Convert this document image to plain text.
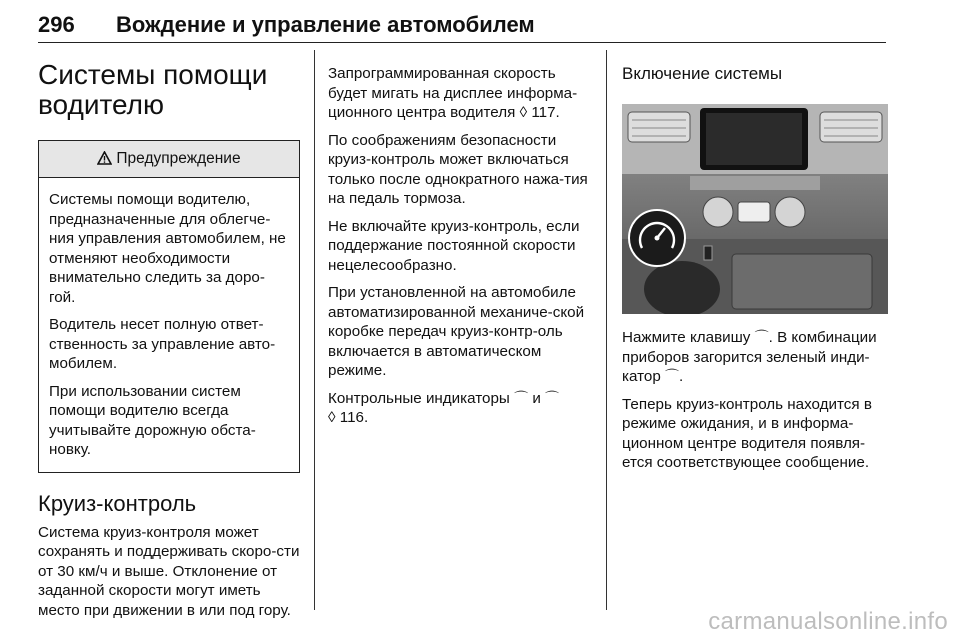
296 Вождение и управление автомобилем
Системы помощи водителю
Предупреждение

Системы помощи водителю, предназначенные для облегче-ния управления автомобилем, не отменяют необходимости внимательно следить за доро-гой.

Водитель несет полную ответ-ственность за управление авто-мобилем.

При использовании систем помощи водителю всегда учитывайте дорожную обста-новку.

Круиз-контроль

Система круиз-контроля может сохранять и поддерживать скоро-сти от 30 км/ч и выше. Отклонение от заданной скорости могут иметь место при движении в или под гору.

Запрограммированная скорость будет мигать на дисплее информа-ционного центра водителя ◊ 117.

По соображениям безопасности круиз-контроль может включаться только после однократного нажа-тия на педаль тормоза.

Не включайте круиз-контроль, если поддержание постоянной скорости нецелесообразно.

При установленной на автомобиле автоматизированной механиче-ской коробке передач круиз-контр-оль включается в автоматическом режиме.

Контрольные индикаторы ⌒ и ⌒
◊ 116.

Включение системы

Нажмите клавишу ⌒. В комбинации приборов загорится зеленый инди-катор ⌒.

Теперь круиз-контроль находится в режиме ожидания, и в информа-ционном центре водителя появля-ется соответствующее сообщение.

carmanualsonline.info
